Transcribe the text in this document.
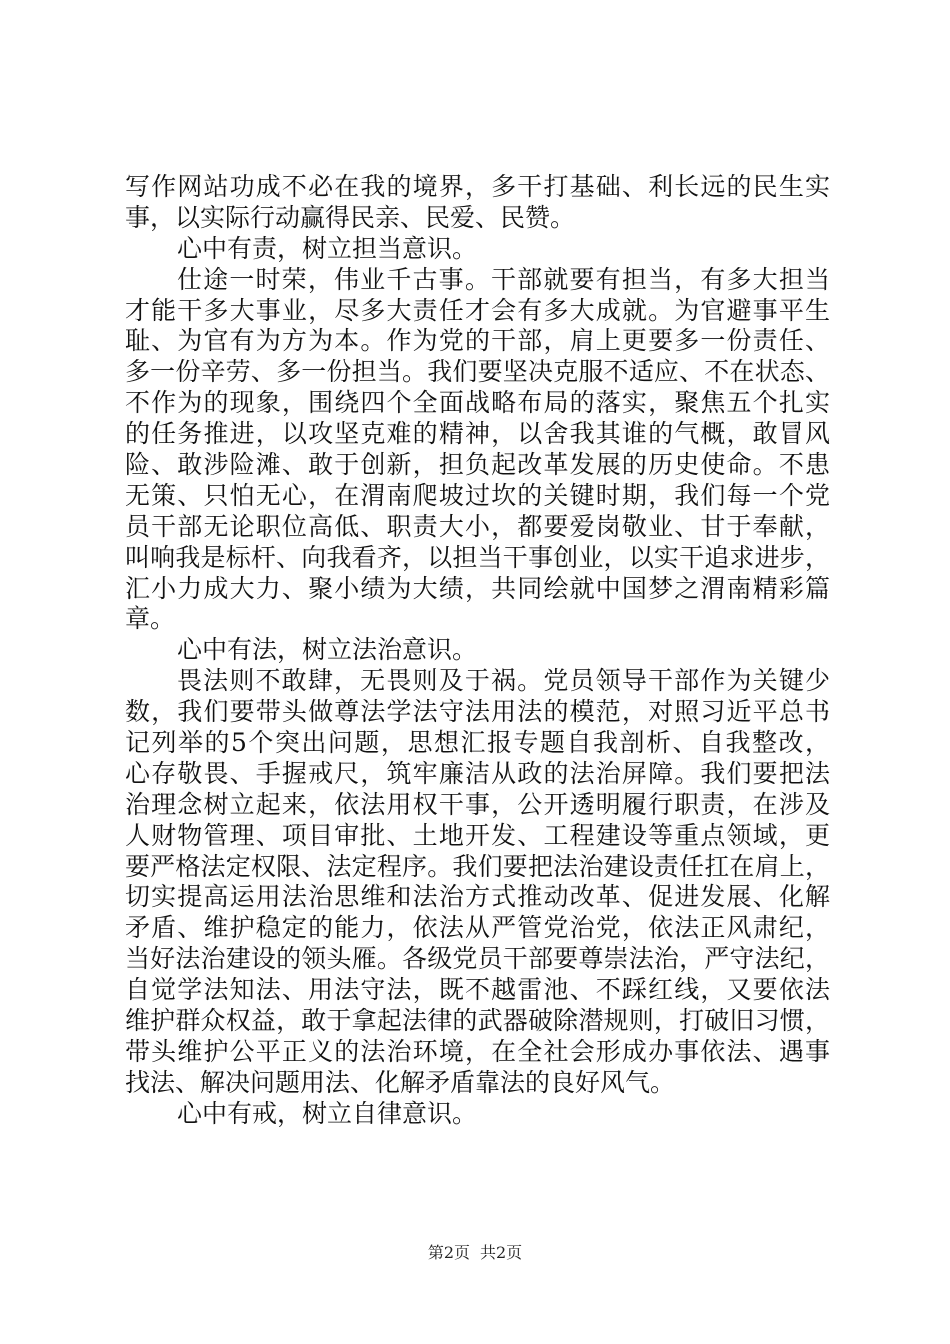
写作网站功成不必在我的境界，多干打基础、利长远的民生实
事，以实际行动赢得民亲、民爱、民赞。
心中有责，树立担当意识。
仕途一时荣，伟业千古事。干部就要有担当，有多大担当
才能干多大事业，尽多大责任才会有多大成就。为官避事平生
耻、为官有为方为本。作为党的干部，肩上更要多一份责任、
多一份辛劳、多一份担当。我们要坚决克服不适应、不在状态、
不作为的现象，围绕四个全面战略布局的落实，聚焦五个扎实
的任务推进，以攻坚克难的精神，以舍我其谁的气概，敢冒风
险、敢涉险滩、敢于创新，担负起改革发展的历史使命。不患
无策、只怕无心，在渭南爬坡过坎的关键时期，我们每一个党
员干部无论职位高低、职责大小，都要爱岗敬业、甘于奉献，
叫响我是标杆、向我看齐，以担当干事创业，以实干追求进步，
汇小力成大力、聚小绩为大绩，共同绘就中国梦之渭南精彩篇
章。
心中有法，树立法治意识。
畏法则不敢肆，无畏则及于祸。党员领导干部作为关键少
数，我们要带头做尊法学法守法用法的模范，对照习近平总书
记列举的5个突出问题，思想汇报专题自我剖析、自我整改，
心存敬畏、手握戒尺，筑牢廉洁从政的法治屏障。我们要把法
治理念树立起来，依法用权干事，公开透明履行职责，在涉及
人财物管理、项目审批、土地开发、工程建设等重点领域，更
要严格法定权限、法定程序。我们要把法治建设责任扛在肩上，
切实提高运用法治思维和法治方式推动改革、促进发展、化解
矛盾、维护稳定的能力，依法从严管党治党，依法正风肃纪，
当好法治建设的领头雁。各级党员干部要尊崇法治，严守法纪，
自觉学法知法、用法守法，既不越雷池、不踩红线，又要依法
维护群众权益，敢于拿起法律的武器破除潜规则，打破旧习惯，
带头维护公平正义的法治环境，在全社会形成办事依法、遇事
找法、解决问题用法、化解矛盾靠法的良好风气。
心中有戒，树立自律意识。
第2页 共2页
